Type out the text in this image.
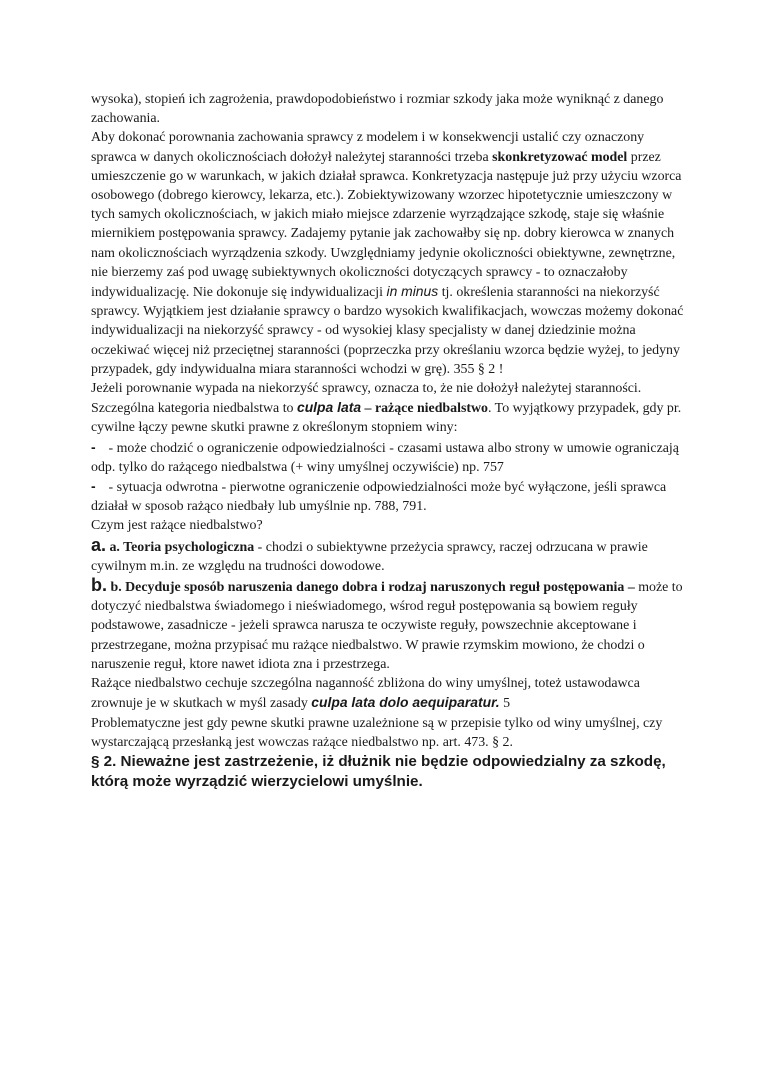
wysoka), stopień ich zagrożenia, prawdopodobieństwo i rozmiar szkody jaka może wyniknąć z danego zachowania.

Aby dokonać porownania zachowania sprawcy z modelem i w konsekwencji ustalić czy oznaczony sprawca w danych okolicznościach dołożył należytej staranności trzeba skonkretyzować model przez umieszczenie go w warunkach, w jakich działał sprawca. Konkretyzacja następuje już przy użyciu wzorca osobowego (dobrego kierowcy, lekarza, etc.). Zobiektywizowany wzorzec hipotetycznie umieszczony w tych samych okolicznościach, w jakich miało miejsce zdarzenie wyrządzające szkodę, staje się właśnie miernikiem postępowania sprawcy. Zadajemy pytanie jak zachowałby się np. dobry kierowca w znanych nam okolicznościach wyrządzenia szkody. Uwzględniamy jedynie okoliczności obiektywne, zewnętrzne, nie bierzemy zaś pod uwagę subiektywnych okoliczności dotyczących sprawcy ‑ to oznaczałoby indywidualizację. Nie dokonuje się indywidualizacji in minus tj. określenia staranności na niekorzyść sprawcy. Wyjątkiem jest działanie sprawcy o bardzo wysokich kwalifikacjach, wowczas możemy dokonać indywidualizacji na niekorzyść sprawcy ‑ od wysokiej klasy specjalisty w danej dziedzinie można oczekiwać więcej niż przeciętnej staranności (poprzeczka przy określaniu wzorca będzie wyżej, to jedyny przypadek, gdy indywidualna miara staranności wchodzi w grę). 355 § 2 !

Jeżeli porownanie wypada na niekorzyść sprawcy, oznacza to, że nie dołożył należytej staranności.

Szczególna kategoria niedbalstwa to culpa lata – rażące niedbalstwo. To wyjątkowy przypadek, gdy pr. cywilne łączy pewne skutki prawne z określonym stopniem winy:

- - może chodzić o ograniczenie odpowiedzialności - czasami ustawa albo strony w umowie ograniczają odp. tylko do rażącego niedbalstwa (+ winy umyślnej oczywiście) np. 757

- - sytuacja odwrotna ‑ pierwotne ograniczenie odpowiedzialności może być wyłączone, jeśli sprawca działał w sposob rażąco niedbały lub umyślnie np. 788, 791.

Czym jest rażące niedbalstwo?

a. a. Teoria psychologiczna ‑ chodzi o subiektywne przeżycia sprawcy, raczej odrzucana w prawie cywilnym m.in. ze względu na trudności dowodowe.

b. b. Decyduje sposób naruszenia danego dobra i rodzaj naruszonych reguł postępowania – może to dotyczyć niedbalstwa świadomego i nieświadomego, wśrod reguł postępowania są bowiem reguły podstawowe, zasadnicze ‑ jeżeli sprawca narusza te oczywiste reguły, powszechnie akceptowane i przestrzegane, można przypisać mu rażące niedbalstwo. W prawie rzymskim mowiono, że chodzi o naruszenie reguł, ktore nawet idiota zna i przestrzega.

Rażące niedbalstwo cechuje szczególna naganność zbliżona do winy umyślnej, toteż ustawodawca zrownuje je w skutkach w myśl zasady culpa lata dolo aequiparatur. 5

Problematyczne jest gdy pewne skutki prawne uzależnione są w przepisie tylko od winy umyślnej, czy wystarczającą przesłanką jest wowczas rażące niedbalstwo np. art. 473. § 2.

§ 2. Nieważne jest zastrzeżenie, iż dłużnik nie będzie odpowiedzialny za szkodę, którą może wyrządzić wierzycielowi umyślnie.
